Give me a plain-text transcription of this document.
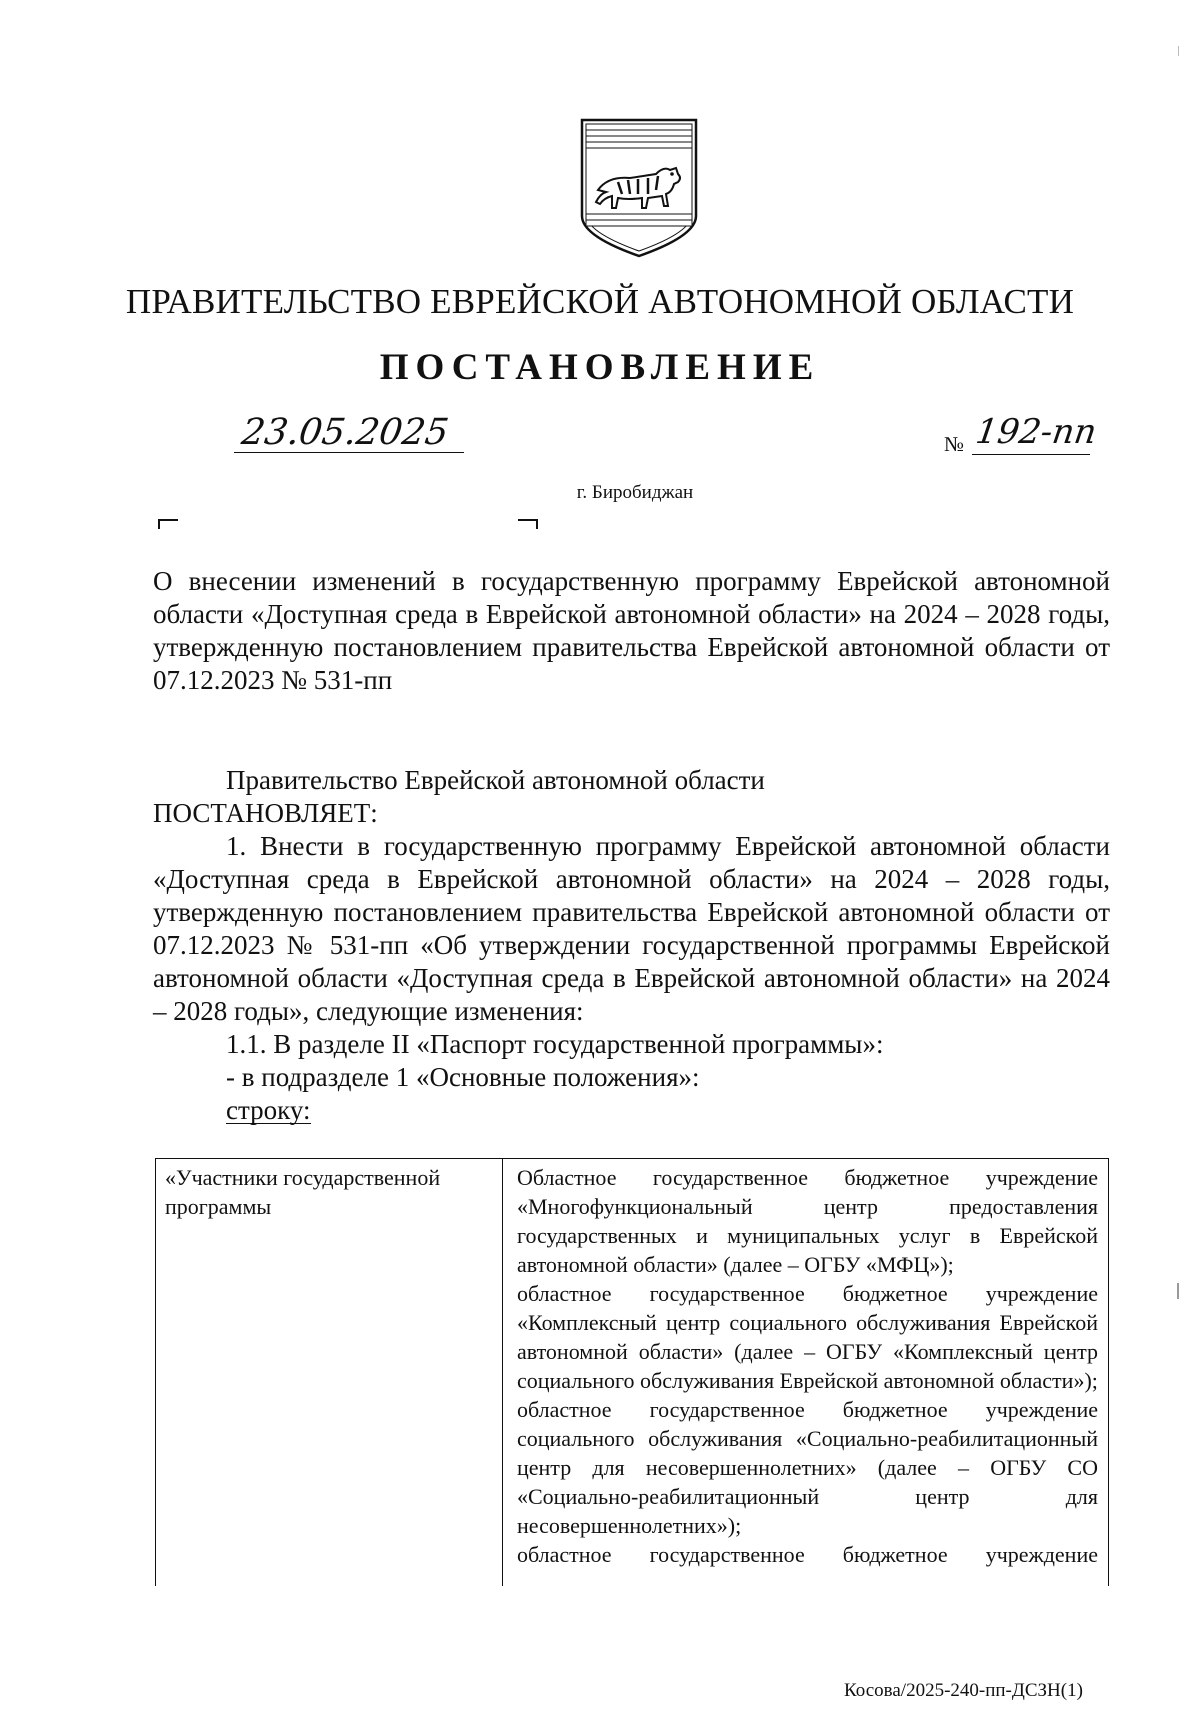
ПРАВИТЕЛЬСТВО ЕВРЕЙСКОЙ АВТОНОМНОЙ ОБЛАСТИ
ПОСТАНОВЛЕНИЕ
23.05.2025	№ 192-пп
г. Биробиджан
О внесении изменений в государственную программу Еврейской автономной области «Доступная среда в Еврейской автономной области» на 2024 – 2028 годы, утвержденную постановлением правительства Еврейской автономной области от 07.12.2023 № 531-пп

Правительство Еврейской автономной области

ПОСТАНОВЛЯЕТ:

1. Внести в государственную программу Еврейской автономной области «Доступная среда в Еврейской автономной области» на 2024 – 2028 годы, утвержденную постановлением правительства Еврейской автономной области от 07.12.2023 № 531-пп «Об утверждении государственной программы Еврейской автономной области «Доступная среда в Еврейской автономной области» на 2024 – 2028 годы», следующие изменения:

1.1. В разделе II «Паспорт государственной программы»:

- в подразделе 1 «Основные положения»:

строку:

«Участники государственной программы

Областное государственное бюджетное учреждение «Многофункциональный центр предоставления государственных и муниципальных услуг в Еврейской автономной области» (далее – ОГБУ «МФЦ»);

областное государственное бюджетное учреждение «Комплексный центр социального обслуживания Еврейской автономной области» (далее – ОГБУ «Комплексный центр социального обслуживания Еврейской автономной области»);

областное государственное бюджетное учреждение социального обслуживания «Социально-реабилитационный центр для несовершеннолетних» (далее – ОГБУ СО «Социально-реабилитационный центр для несовершеннолетних»);

областное государственное бюджетное учреждение

Косова/2025-240-пп-ДСЗН(1)
